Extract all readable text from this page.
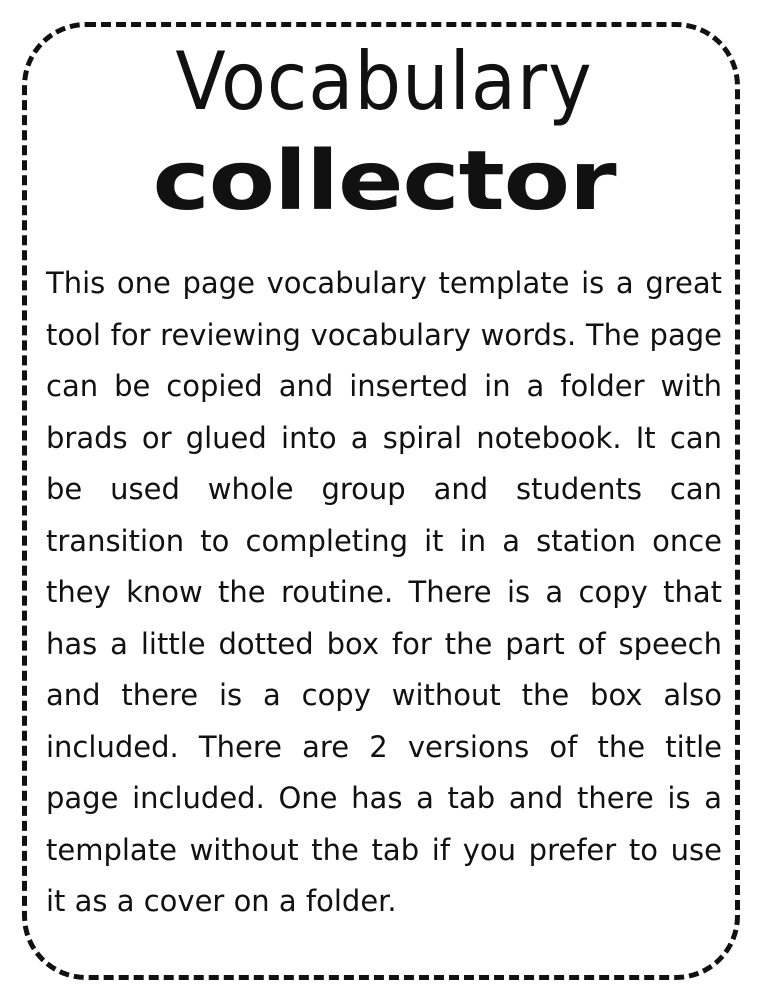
Vocabulary
collector

This one page vocabulary template is a great tool for reviewing vocabulary words. The page can be copied and inserted in a folder with brads or glued into a spiral notebook. It can be used whole group and students can transition to completing it in a station once they know the routine. There is a copy that has a little dotted box for the part of speech and there is a copy without the box also included. There are 2 versions of the title page included. One has a tab and there is a template without the tab if you prefer to use it as a cover on a folder.
